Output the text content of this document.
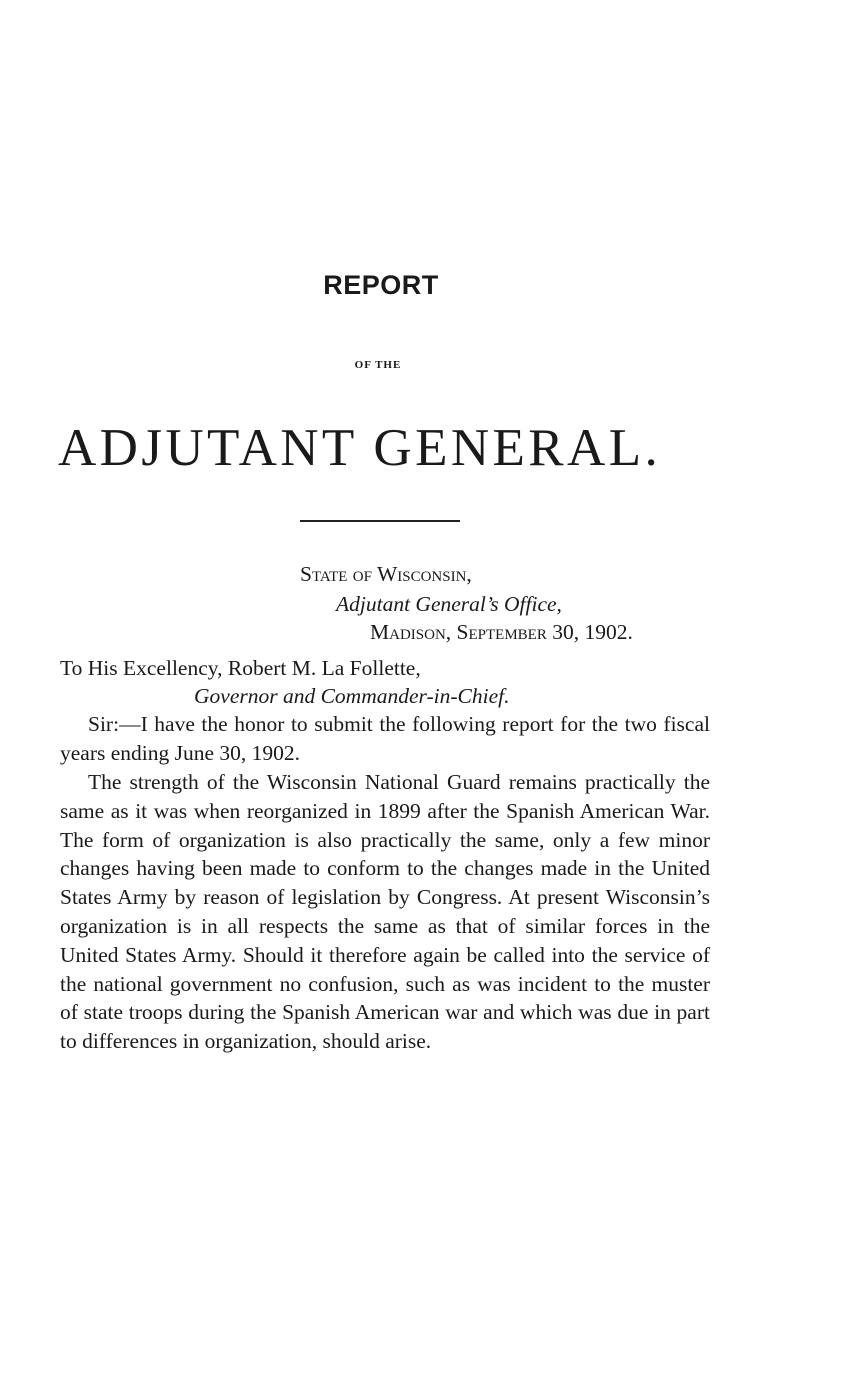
REPORT
OF THE
ADJUTANT GENERAL.
State of Wisconsin,
Adjutant General’s Office,
Madison, September 30, 1902.
To His Excellency, Robert M. La Follette,
Governor and Commander-in-Chief.

Sir:—I have the honor to submit the following report for the two fiscal years ending June 30, 1902.

The strength of the Wisconsin National Guard remains practically the same as it was when reorganized in 1899 after the Spanish American War. The form of organization is also practically the same, only a few minor changes having been made to conform to the changes made in the United States Army by reason of legislation by Congress. At present Wisconsin’s organization is in all respects the same as that of similar forces in the United States Army. Should it therefore again be called into the service of the national government no confusion, such as was incident to the muster of state troops during the Spanish American war and which was due in part to differences in organization, should arise.
